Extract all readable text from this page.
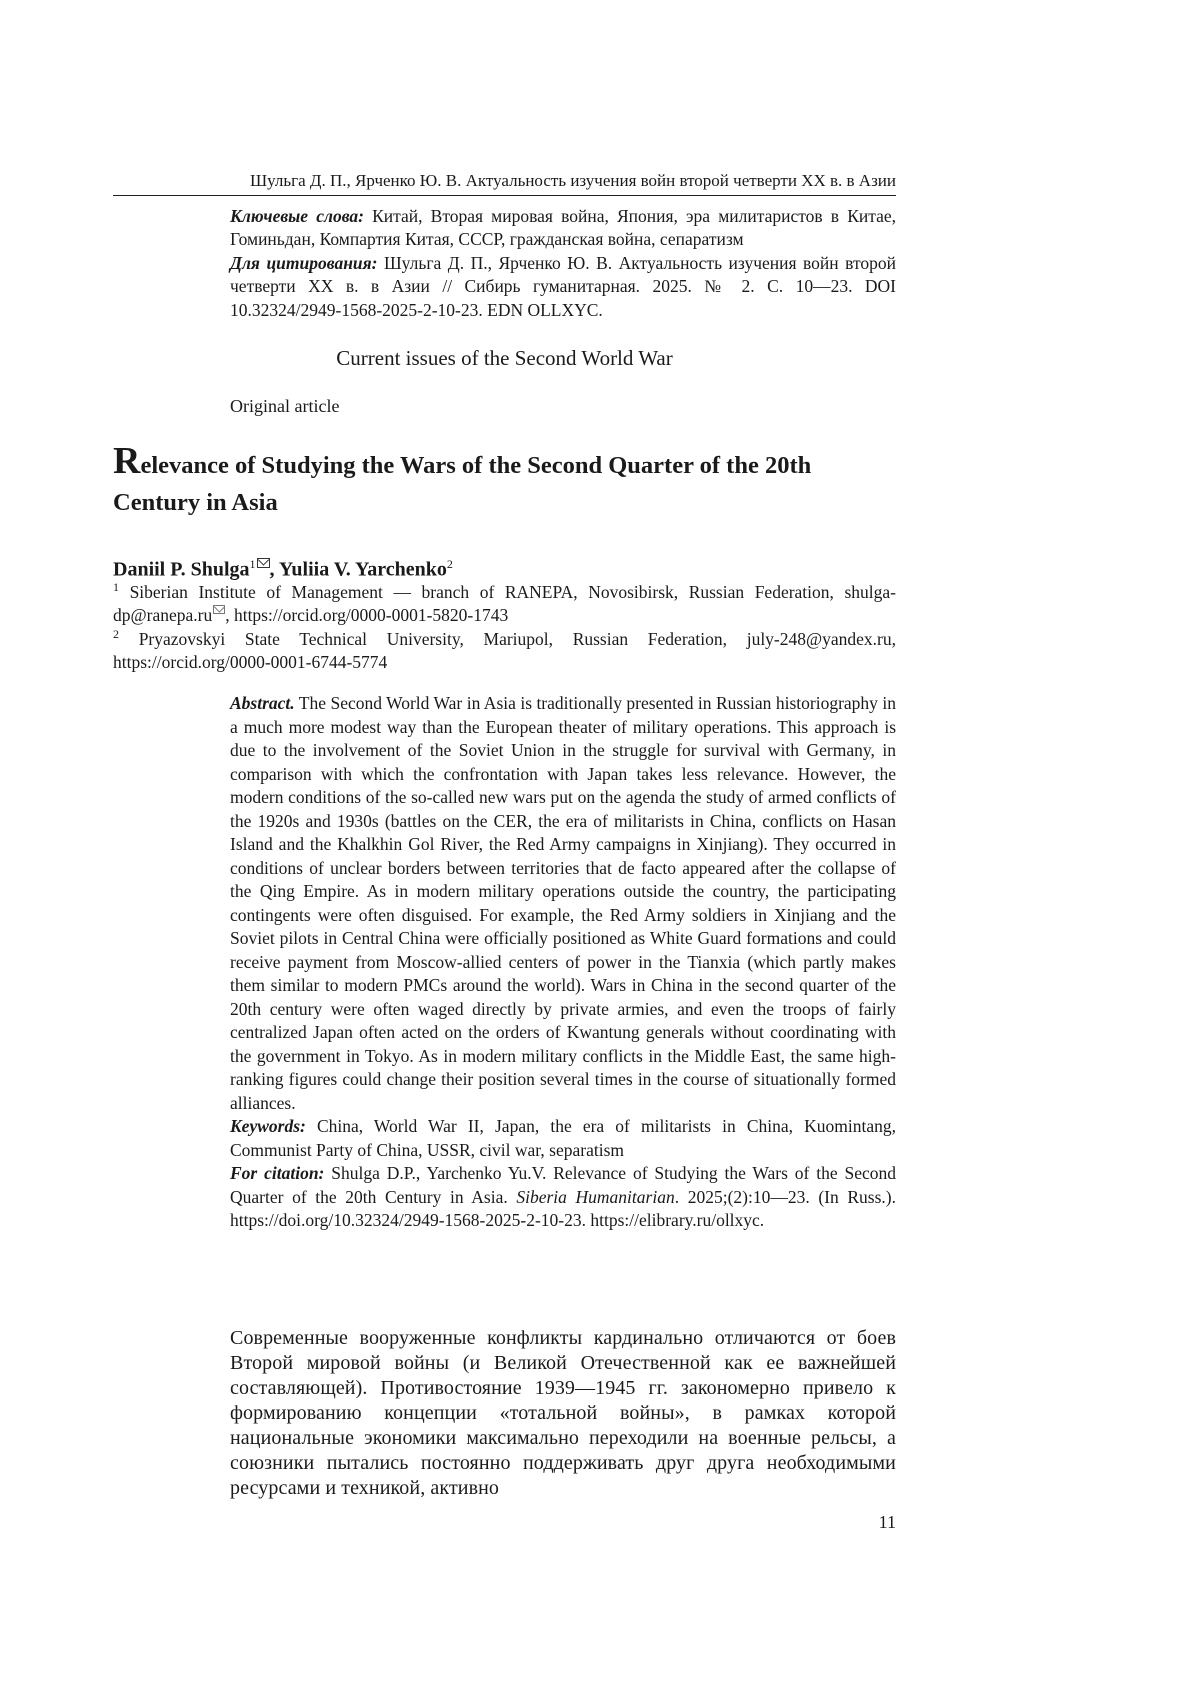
Шульга Д. П., Ярченко Ю. В. Актуальность изучения войн второй четверти XX в. в Азии
Ключевые слова: Китай, Вторая мировая война, Япония, эра милитаристов в Китае, Гоминьдан, Компартия Китая, СССР, гражданская война, сепаратизм
Для цитирования: Шульга Д. П., Ярченко Ю. В. Актуальность изучения войн второй четверти XX в. в Азии // Сибирь гуманитарная. 2025. № 2. С. 10—23. DOI 10.32324/2949-1568-2025-2-10-23. EDN OLLXYC.
Current issues of the Second World War
Original article
Relevance of Studying the Wars of the Second Quarter of the 20th Century in Asia
Daniil P. Shulga$^1$ , Yuliia V. Yarchenko$^2$
$^1$ Siberian Institute of Management — branch of RANEPA, Novosibirsk, Russian Federation, shulga-dp@ranepa.ru , https://orcid.org/0000-0001-5820-1743
$^2$ Pryazovskyi State Technical University, Mariupol, Russian Federation, july-248@yandex.ru, https://orcid.org/0000-0001-6744-5774
Abstract. The Second World War in Asia is traditionally presented in Russian historiography in a much more modest way than the European theater of military operations. This approach is due to the involvement of the Soviet Union in the struggle for survival with Germany, in comparison with which the confrontation with Japan takes less relevance. However, the modern conditions of the so-called new wars put on the agenda the study of armed conflicts of the 1920s and 1930s (battles on the CER, the era of militarists in China, conflicts on Hasan Island and the Khalkhin Gol River, the Red Army campaigns in Xinjiang). They occurred in conditions of unclear borders between territories that de facto appeared after the collapse of the Qing Empire. As in modern military operations outside the country, the participating contingents were often disguised. For example, the Red Army soldiers in Xinjiang and the Soviet pilots in Central China were officially positioned as White Guard formations and could receive payment from Moscow-allied centers of power in the Tianxia (which partly makes them similar to modern PMCs around the world). Wars in China in the second quarter of the 20th century were often waged directly by private armies, and even the troops of fairly centralized Japan often acted on the orders of Kwantung generals without coordinating with the government in Tokyo. As in modern military conflicts in the Middle East, the same high-ranking figures could change their position several times in the course of situationally formed alliances.
Keywords: China, World War II, Japan, the era of militarists in China, Kuomintang, Communist Party of China, USSR, civil war, separatism
For citation: Shulga D.P., Yarchenko Yu.V. Relevance of Studying the Wars of the Second Quarter of the 20th Century in Asia. Siberia Humanitarian. 2025;(2):10—23. (In Russ.). https://doi.org/10.32324/2949-1568-2025-2-10-23. https://elibrary.ru/ollxyc.
Современные вооруженные конфликты кардинально отличаются от боев Второй мировой войны (и Великой Отечественной как ее важнейшей составляющей). Противостояние 1939—1945 гг. закономерно привело к формированию концепции «тотальной войны», в рамках которой национальные экономики максимально переходили на военные рельсы, а союзники пытались постоянно поддерживать друг друга необходимыми ресурсами и техникой, активно
11
